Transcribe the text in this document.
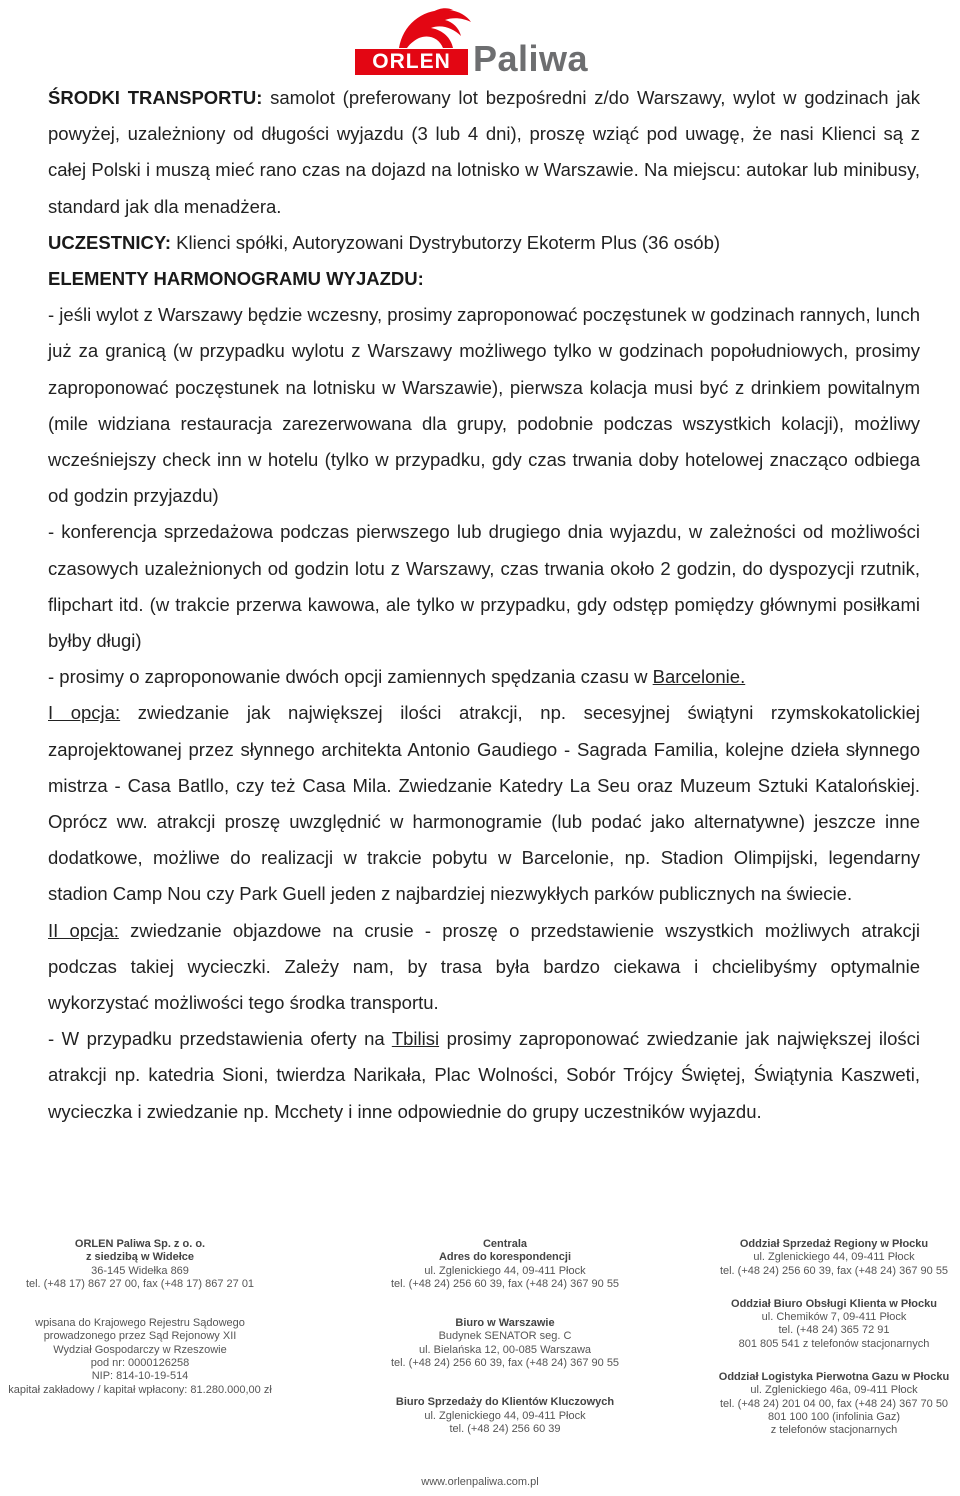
ORLEN Paliwa

ŚRODKI TRANSPORTU: samolot (preferowany lot bezpośredni z/do Warszawy, wylot w godzinach jak powyżej, uzależniony od długości wyjazdu (3 lub 4 dni), proszę wziąć pod uwagę, że nasi Klienci są z całej Polski i muszą mieć rano czas na dojazd na lotnisko w Warszawie. Na miejscu: autokar lub minibusy, standard jak dla menadżera.

UCZESTNICY: Klienci spółki, Autoryzowani Dystrybutorzy Ekoterm Plus (36 osób)

ELEMENTY HARMONOGRAMU WYJAZDU:

- jeśli wylot z Warszawy będzie wczesny, prosimy zaproponować poczęstunek w godzinach rannych, lunch już za granicą (w przypadku wylotu z Warszawy możliwego tylko w godzinach popołudniowych, prosimy zaproponować poczęstunek na lotnisku w Warszawie), pierwsza kolacja musi być z drinkiem powitalnym (mile widziana restauracja zarezerwowana dla grupy, podobnie podczas wszystkich kolacji), możliwy wcześniejszy check inn w hotelu (tylko w przypadku, gdy czas trwania doby hotelowej znacząco odbiega od godzin przyjazdu)

- konferencja sprzedażowa podczas pierwszego lub drugiego dnia wyjazdu, w zależności od możliwości czasowych uzależnionych od godzin lotu z Warszawy, czas trwania około 2 godzin, do dyspozycji rzutnik, flipchart itd. (w trakcie przerwa kawowa, ale tylko w przypadku, gdy odstęp pomiędzy głównymi posiłkami byłby długi)

- prosimy o zaproponowanie dwóch opcji zamiennych spędzania czasu w Barcelonie.

I opcja: zwiedzanie jak największej ilości atrakcji, np. secesyjnej świątyni rzymskokatolickiej zaprojektowanej przez słynnego architekta Antonio Gaudiego - Sagrada Familia, kolejne dzieła słynnego mistrza - Casa Batllo, czy też Casa Mila. Zwiedzanie Katedry La Seu oraz Muzeum Sztuki Katalońskiej. Oprócz ww. atrakcji proszę uwzględnić w harmonogramie (lub podać jako alternatywne) jeszcze inne dodatkowe, możliwe do realizacji w trakcie pobytu w Barcelonie, np. Stadion Olimpijski, legendarny stadion Camp Nou czy Park Guell jeden z najbardziej niezwykłych parków publicznych na świecie.

II opcja: zwiedzanie objazdowe na crusie - proszę o przedstawienie wszystkich możliwych atrakcji podczas takiej wycieczki. Zależy nam, by trasa była bardzo ciekawa i chcielibyśmy optymalnie wykorzystać możliwości tego środka transportu.

- W przypadku przedstawienia oferty na Tbilisi prosimy zaproponować zwiedzanie jak największej ilości atrakcji np. katedria Sioni, twierdza Narikała, Plac Wolności, Sobór Trójcy Świętej, Świątynia Kaszweti, wycieczka i zwiedzanie np. Mcchety i inne odpowiednie do grupy uczestników wyjazdu.

ORLEN Paliwa Sp. z o. o.
z siedzibą w Widełce
36-145 Widełka 869
tel. (+48 17) 867 27 00, fax (+48 17) 867 27 01
wpisana do Krajowego Rejestru Sądowego
prowadzonego przez Sąd Rejonowy XII
Wydział Gospodarczy w Rzeszowie
pod nr: 0000126258
NIP: 814-10-19-514
kapitał zakładowy / kapitał wpłacony: 81.280.000,00 zł
Centrala
Adres do korespondencji
ul. Zglenickiego 44, 09-411 Płock
tel. (+48 24) 256 60 39, fax (+48 24) 367 90 55
Biuro w Warszawie
Budynek SENATOR seg. C
ul. Bielańska 12, 00-085 Warszawa
tel. (+48 24) 256 60 39, fax (+48 24) 367 90 55
Biuro Sprzedaży do Klientów Kluczowych
ul. Zglenickiego 44, 09-411 Płock
tel. (+48 24) 256 60 39
Oddział Sprzedaż Regiony w Płocku
ul. Zglenickiego 44, 09-411 Płock
tel. (+48 24) 256 60 39, fax (+48 24) 367 90 55
Oddział Biuro Obsługi Klienta w Płocku
ul. Chemików 7, 09-411 Płock
tel. (+48 24) 365 72 91
801 805 541 z telefonów stacjonarnych
Oddział Logistyka Pierwotna Gazu w Płocku
ul. Zglenickiego 46a, 09-411 Płock
tel. (+48 24) 201 04 00, fax (+48 24) 367 70 50
801 100 100 (infolinia Gaz)
z telefonów stacjonarnych
www.orlenpaliwa.com.pl
